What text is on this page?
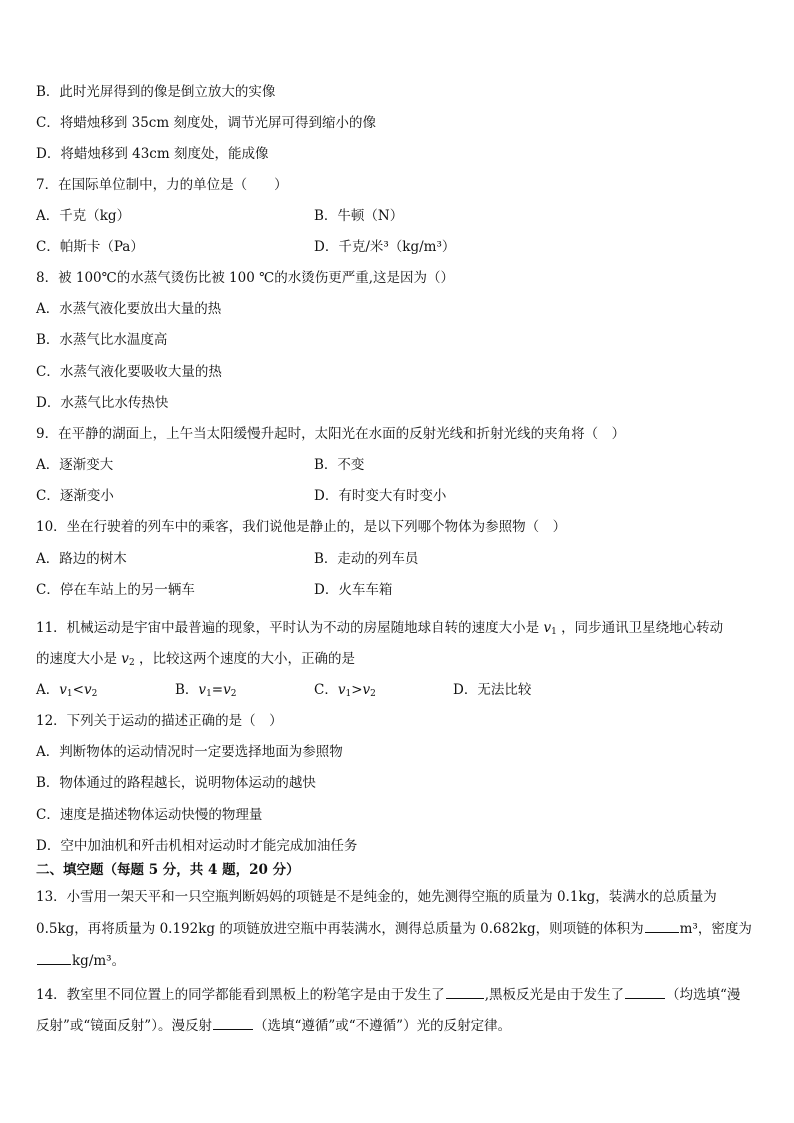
B．此时光屏得到的像是倒立放大的实像
C．将蜡烛移到 35cm 刻度处，调节光屏可得到缩小的像
D．将蜡烛移到 43cm 刻度处，能成像
7．在国际单位制中，力的单位是（　　）
A．千克（kg）	B．牛顿（N）
C．帕斯卡（Pa）	D．千克/米³（kg/m³）
8．被 100℃的水蒸气烫伤比被 100 ℃的水烫伤更严重,这是因为（）
A．水蒸气液化要放出大量的热
B．水蒸气比水温度高
C．水蒸气液化要吸收大量的热
D．水蒸气比水传热快
9．在平静的湖面上，上午当太阳缓慢升起时，太阳光在水面的反射光线和折射光线的夹角将（　）
A．逐渐变大	B．不变
C．逐渐变小	D．有时变大有时变小
10．坐在行驶着的列车中的乘客，我们说他是静止的，是以下列哪个物体为参照物（　）
A．路边的树木	B．走动的列车员
C．停在车站上的另一辆车	D．火车车箱
11．机械运动是宇宙中最普遍的现象，平时认为不动的房屋随地球自转的速度大小是 $v_1$ ，同步通讯卫星绕地心转动
的速度大小是 $v_2$ ，比较这两个速度的大小，正确的是
A．$v_1<v_2$	B．$v_1=v_2$	C．$v_1>v_2$	D．无法比较
12．下列关于运动的描述正确的是（　）
A．判断物体的运动情况时一定要选择地面为参照物
B．物体通过的路程越长，说明物体运动的越快
C．速度是描述物体运动快慢的物理量
D．空中加油机和歼击机相对运动时才能完成加油任务
二、填空题（每题 5 分，共 4 题，20 分）
13．小雪用一架天平和一只空瓶判断妈妈的项链是不是纯金的，她先测得空瓶的质量为 0.1kg，装满水的总质量为
0.5kg，再将质量为 0.192kg 的项链放进空瓶中再装满水，测得总质量为 0.682kg，则项链的体积为	m³，密度为
kg/m³。
14．教室里不同位置上的同学都能看到黑板上的粉笔字是由于发生了	,黑板反光是由于发生了	（均选填“漫
反射”或“镜面反射”）。漫反射	（选填“遵循”或“不遵循”）光的反射定律。
